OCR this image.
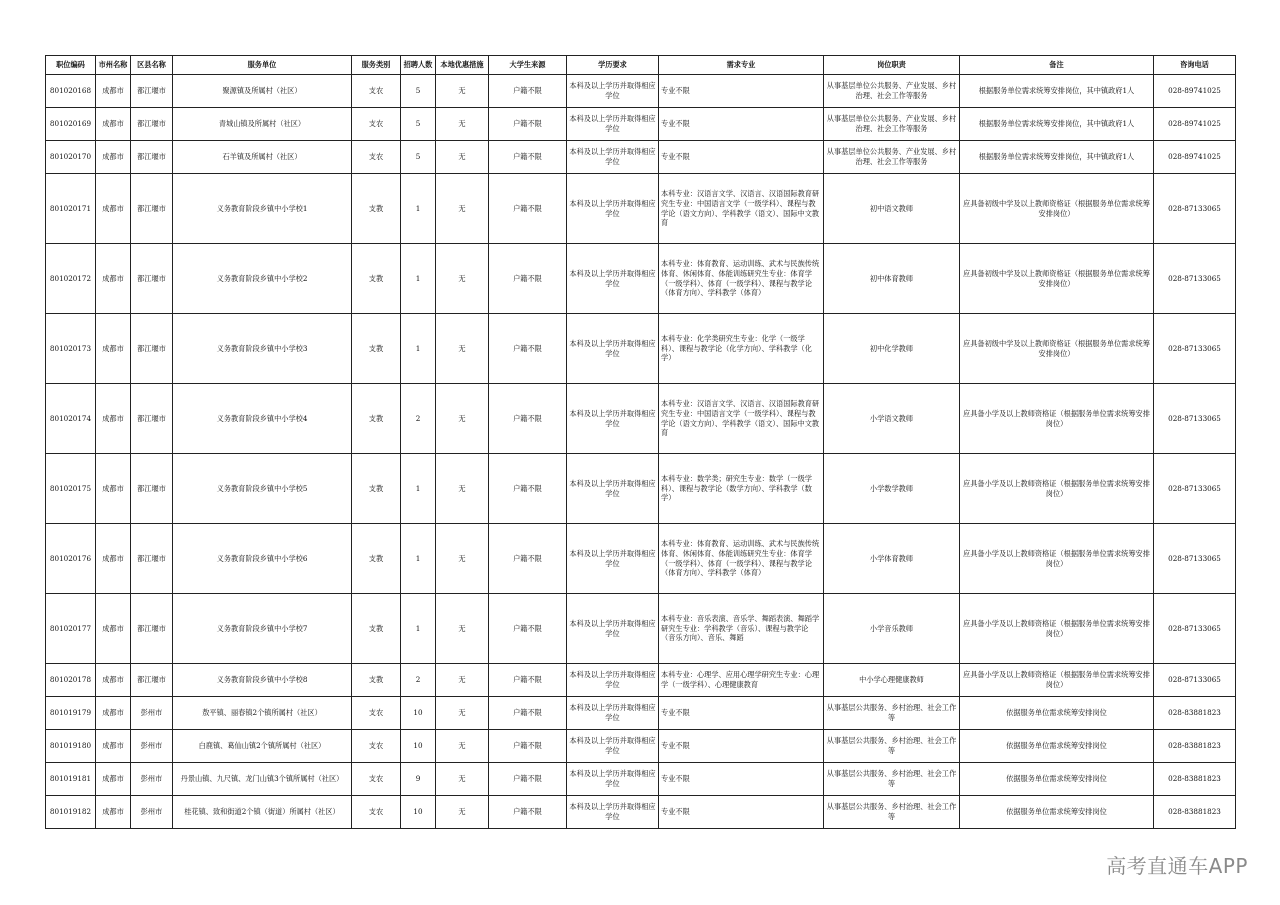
职位编码	市州名称	区县名称	服务单位	服务类别	招聘人数	本地优惠措施	大学生来源	学历要求	需求专业	岗位职责	备注	咨询电话
801020168	成都市	都江堰市	聚源镇及所属村（社区）	支农	5	无	户籍不限	本科及以上学历并取得相应学位	专业不限	从事基层单位公共服务、产业发展、乡村治理、社会工作等服务	根据服务单位需求统筹安排岗位，其中镇政府1人	028-89741025
801020169	成都市	都江堰市	青城山镇及所属村（社区）	支农	5	无	户籍不限	本科及以上学历并取得相应学位	专业不限	从事基层单位公共服务、产业发展、乡村治理、社会工作等服务	根据服务单位需求统筹安排岗位，其中镇政府1人	028-89741025
801020170	成都市	都江堰市	石羊镇及所属村（社区）	支农	5	无	户籍不限	本科及以上学历并取得相应学位	专业不限	从事基层单位公共服务、产业发展、乡村治理、社会工作等服务	根据服务单位需求统筹安排岗位，其中镇政府1人	028-89741025
801020171	成都市	都江堰市	义务教育阶段乡镇中小学校1	支教	1	无	户籍不限	本科及以上学历并取得相应学位	本科专业：汉语言文学、汉语言、汉语国际教育研究生专业：中国语言文学（一级学科）、课程与教学论（语文方向）、学科教学（语文）、国际中文教育	初中语文教师	应具备初级中学及以上教师资格证（根据服务单位需求统筹安排岗位）	028-87133065
801020172	成都市	都江堰市	义务教育阶段乡镇中小学校2	支教	1	无	户籍不限	本科及以上学历并取得相应学位	本科专业：体育教育、运动训练、武术与民族传统体育、休闲体育、体能训练研究生专业：体育学（一级学科）、体育（一级学科）、课程与教学论（体育方向）、学科教学（体育）	初中体育教师	应具备初级中学及以上教师资格证（根据服务单位需求统筹安排岗位）	028-87133065
801020173	成都市	都江堰市	义务教育阶段乡镇中小学校3	支教	1	无	户籍不限	本科及以上学历并取得相应学位	本科专业：化学类研究生专业：化学（一级学科）、课程与教学论（化学方向）、学科教学（化学）	初中化学教师	应具备初级中学及以上教师资格证（根据服务单位需求统筹安排岗位）	028-87133065
801020174	成都市	都江堰市	义务教育阶段乡镇中小学校4	支教	2	无	户籍不限	本科及以上学历并取得相应学位	本科专业：汉语言文学、汉语言、汉语国际教育研究生专业：中国语言文学（一级学科）、课程与教学论（语文方向）、学科教学（语文）、国际中文教育	小学语文教师	应具备小学及以上教师资格证（根据服务单位需求统筹安排岗位）	028-87133065
801020175	成都市	都江堰市	义务教育阶段乡镇中小学校5	支教	1	无	户籍不限	本科及以上学历并取得相应学位	本科专业：数学类；研究生专业：数学（一级学科）、课程与教学论（数学方向）、学科教学（数学）	小学数学教师	应具备小学及以上教师资格证（根据服务单位需求统筹安排岗位）	028-87133065
801020176	成都市	都江堰市	义务教育阶段乡镇中小学校6	支教	1	无	户籍不限	本科及以上学历并取得相应学位	本科专业：体育教育、运动训练、武术与民族传统体育、休闲体育、体能训练研究生专业：体育学（一级学科）、体育（一级学科）、课程与教学论（体育方向）、学科教学（体育）	小学体育教师	应具备小学及以上教师资格证（根据服务单位需求统筹安排岗位）	028-87133065
801020177	成都市	都江堰市	义务教育阶段乡镇中小学校7	支教	1	无	户籍不限	本科及以上学历并取得相应学位	本科专业：音乐表演、音乐学、舞蹈表演、舞蹈学研究生专业：学科教学（音乐）、课程与教学论（音乐方向）、音乐、舞蹈	小学音乐教师	应具备小学及以上教师资格证（根据服务单位需求统筹安排岗位）	028-87133065
801020178	成都市	都江堰市	义务教育阶段乡镇中小学校8	支教	2	无	户籍不限	本科及以上学历并取得相应学位	本科专业：心理学、应用心理学研究生专业：心理学（一级学科）、心理健康教育	中小学心理健康教师	应具备小学及以上教师资格证（根据服务单位需求统筹安排岗位）	028-87133065
801019179	成都市	彭州市	敖平镇、丽春镇2个镇所属村（社区）	支农	10	无	户籍不限	本科及以上学历并取得相应学位	专业不限	从事基层公共服务、乡村治理、社会工作等	依据服务单位需求统筹安排岗位	028-83881823
801019180	成都市	彭州市	白鹿镇、葛仙山镇2个镇所属村（社区）	支农	10	无	户籍不限	本科及以上学历并取得相应学位	专业不限	从事基层公共服务、乡村治理、社会工作等	依据服务单位需求统筹安排岗位	028-83881823
801019181	成都市	彭州市	丹景山镇、九尺镇、龙门山镇3个镇所属村（社区）	支农	9	无	户籍不限	本科及以上学历并取得相应学位	专业不限	从事基层公共服务、乡村治理、社会工作等	依据服务单位需求统筹安排岗位	028-83881823
801019182	成都市	彭州市	桂花镇、致和街道2个镇（街道）所属村（社区）	支农	10	无	户籍不限	本科及以上学历并取得相应学位	专业不限	从事基层公共服务、乡村治理、社会工作等	依据服务单位需求统筹安排岗位	028-83881823
高考直通车APP
